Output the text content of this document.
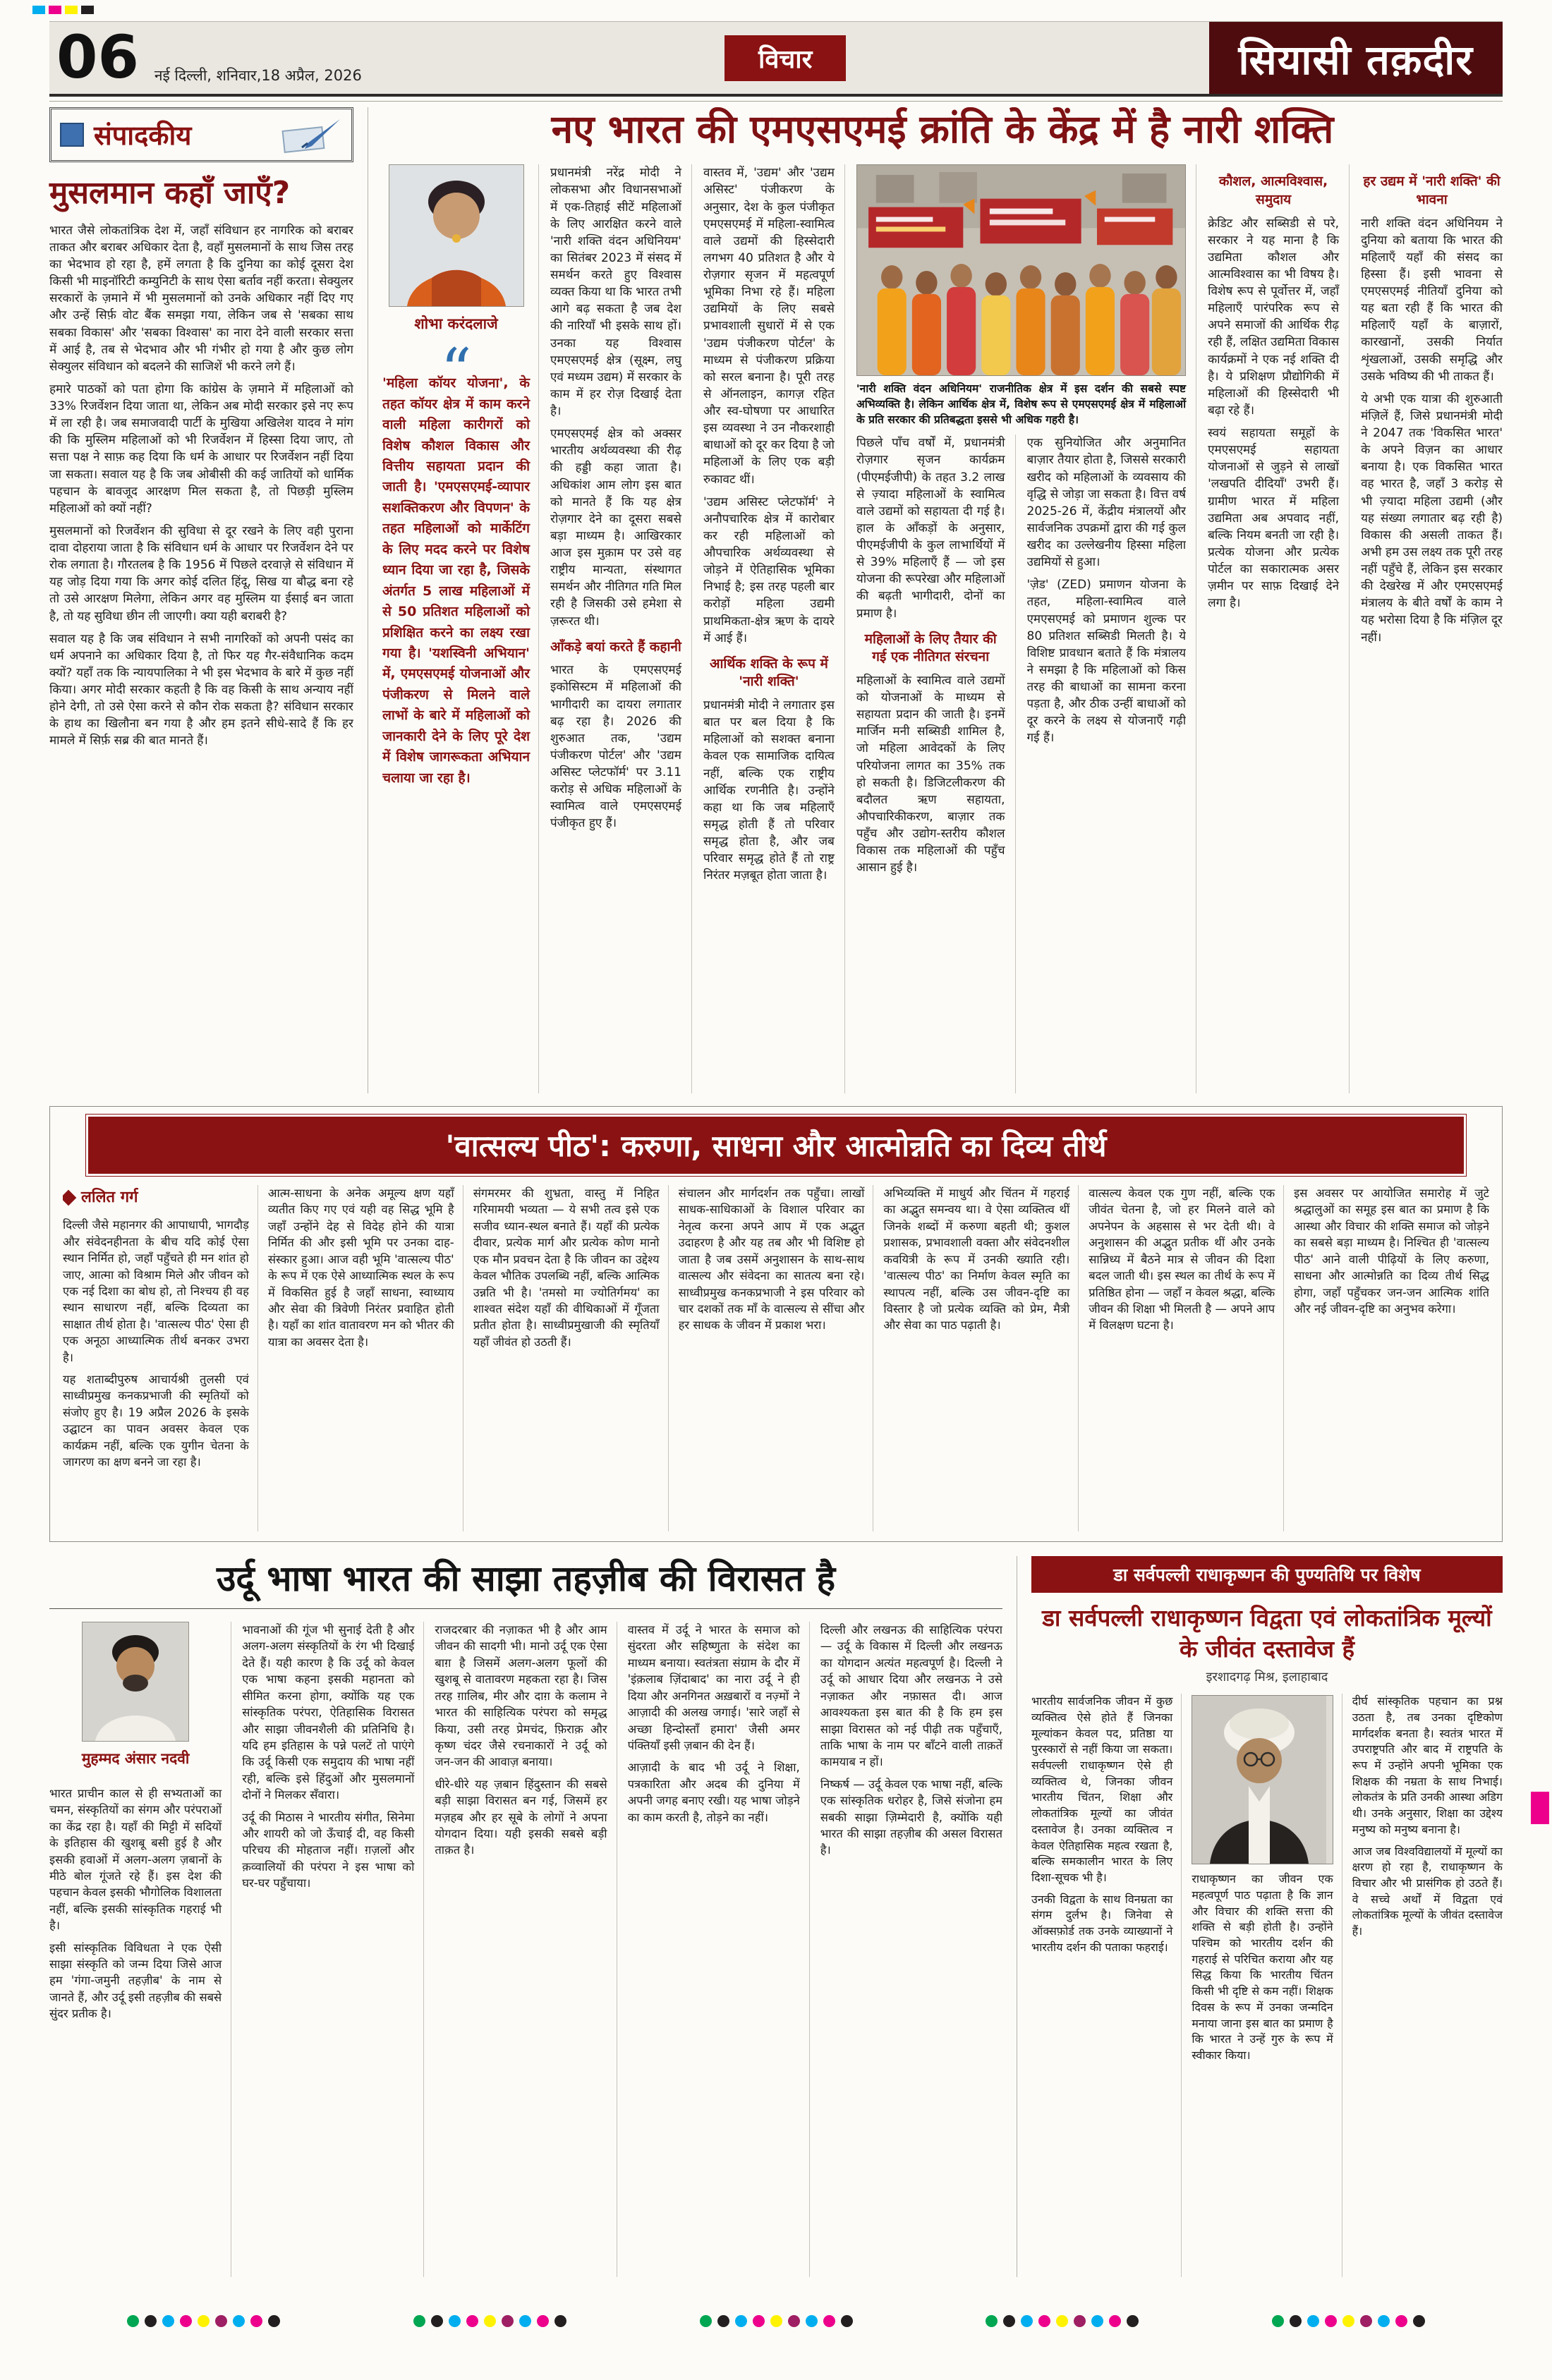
06	नई दिल्ली, शनिवार,18 अप्रैल, 2026
विचार	सियासी तक़दीर
संपादकीय
मुसलमान कहाँ जाएँ?

भारत जैसे लोकतांत्रिक देश में, जहाँ संविधान हर नागरिक को बराबर ताकत और बराबर अधिकार देता है, वहाँ मुसलमानों के साथ जिस तरह का भेदभाव हो रहा है, हमें लगता है कि दुनिया का कोई दूसरा देश किसी भी माइनॉरिटी कम्युनिटी के साथ ऐसा बर्ताव नहीं करता। सेक्युलर सरकारों के ज़माने में भी मुसलमानों को उनके अधिकार नहीं दिए गए और उन्हें सिर्फ़ वोट बैंक समझा गया, लेकिन जब से 'सबका साथ सबका विकास' और 'सबका विश्वास' का नारा देने वाली सरकार सत्ता में आई है, तब से भेदभाव और भी गंभीर हो गया है और कुछ लोग सेक्युलर संविधान को बदलने की साजिशें भी करने लगे हैं।

हमारे पाठकों को पता होगा कि कांग्रेस के ज़माने में महिलाओं को 33% रिजर्वेशन दिया जाता था, लेकिन अब मोदी सरकार इसे नए रूप में ला रही है। जब समाजवादी पार्टी के मुखिया अखिलेश यादव ने मांग की कि मुस्लिम महिलाओं को भी रिजर्वेशन में हिस्सा दिया जाए, तो सत्ता पक्ष ने साफ़ कह दिया कि धर्म के आधार पर रिजर्वेशन नहीं दिया जा सकता। सवाल यह है कि जब ओबीसी की कई जातियों को धार्मिक पहचान के बावजूद आरक्षण मिल सकता है, तो पिछड़ी मुस्लिम महिलाओं को क्यों नहीं?

मुसलमानों को रिजर्वेशन की सुविधा से दूर रखने के लिए वही पुराना दावा दोहराया जाता है कि संविधान धर्म के आधार पर रिजर्वेशन देने पर रोक लगाता है। गौरतलब है कि 1956 में पिछले दरवाज़े से संविधान में यह जोड़ दिया गया कि अगर कोई दलित हिंदू, सिख या बौद्ध बना रहे तो उसे आरक्षण मिलेगा, लेकिन अगर वह मुस्लिम या ईसाई बन जाता है, तो यह सुविधा छीन ली जाएगी। क्या यही बराबरी है?

सवाल यह है कि जब संविधान ने सभी नागरिकों को अपनी पसंद का धर्म अपनाने का अधिकार दिया है, तो फिर यह गैर-संवैधानिक कदम क्यों? यहाँ तक कि न्यायपालिका ने भी इस भेदभाव के बारे में कुछ नहीं किया। अगर मोदी सरकार कहती है कि वह किसी के साथ अन्याय नहीं होने देगी, तो उसे ऐसा करने से कौन रोक सकता है? संविधान सरकार के हाथ का खिलौना बन गया है और हम इतने सीधे-सादे हैं कि हर मामले में सिर्फ़ सब्र की बात मानते हैं।

नए भारत की एमएसएमई क्रांति के केंद्र में है नारी शक्ति
शोभा करंदलाजे
“
'महिला कॉयर योजना', के तहत कॉयर क्षेत्र में काम करने वाली महिला कारीगरों को विशेष कौशल विकास और वित्तीय सहायता प्रदान की जाती है। 'एमएसएमई-व्यापार सशक्तिकरण और विपणन' के तहत महिलाओं को मार्केटिंग के लिए मदद करने पर विशेष ध्यान दिया जा रहा है, जिसके अंतर्गत 5 लाख महिलाओं में से 50 प्रतिशत महिलाओं को प्रशिक्षित करने का लक्ष्य रखा गया है। 'यशस्विनी अभियान' में, एमएसएमई योजनाओं और पंजीकरण से मिलने वाले लाभों के बारे में महिलाओं को जानकारी देने के लिए पूरे देश में विशेष जागरूकता अभियान चलाया जा रहा है।

प्रधानमंत्री नरेंद्र मोदी ने लोकसभा और विधानसभाओं में एक-तिहाई सीटें महिलाओं के लिए आरक्षित करने वाले 'नारी शक्ति वंदन अधिनियम' का सितंबर 2023 में संसद में समर्थन करते हुए विश्वास व्यक्त किया था कि भारत तभी आगे बढ़ सकता है जब देश की नारियाँ भी इसके साथ हों। उनका यह विश्वास एमएसएमई क्षेत्र (सूक्ष्म, लघु एवं मध्यम उद्यम) में सरकार के काम में हर रोज़ दिखाई देता है।

एमएसएमई क्षेत्र को अक्सर भारतीय अर्थव्यवस्था की रीढ़ की हड्डी कहा जाता है। अधिकांश आम लोग इस बात को मानते हैं कि यह क्षेत्र रोज़गार देने का दूसरा सबसे बड़ा माध्यम है। आखिरकार आज इस मुक़ाम पर उसे वह राष्ट्रीय मान्यता, संस्थागत समर्थन और नीतिगत गति मिल रही है जिसकी उसे हमेशा से ज़रूरत थी।

आँकड़े बयां करते हैं कहानी

भारत के एमएसएमई इकोसिस्टम में महिलाओं की भागीदारी का दायरा लगातार बढ़ रहा है। 2026 की शुरुआत तक, 'उद्यम पंजीकरण पोर्टल' और 'उद्यम असिस्ट प्लेटफॉर्म' पर 3.11 करोड़ से अधिक महिलाओं के स्वामित्व वाले एमएसएमई पंजीकृत हुए हैं।

वास्तव में, 'उद्यम' और 'उद्यम असिस्ट' पंजीकरण के अनुसार, देश के कुल पंजीकृत एमएसएमई में महिला-स्वामित्व वाले उद्यमों की हिस्सेदारी लगभग 40 प्रतिशत है और ये रोज़गार सृजन में महत्वपूर्ण भूमिका निभा रहे हैं। महिला उद्यमियों के लिए सबसे प्रभावशाली सुधारों में से एक 'उद्यम पंजीकरण पोर्टल' के माध्यम से पंजीकरण प्रक्रिया को सरल बनाना है। पूरी तरह से ऑनलाइन, कागज़ रहित और स्व-घोषणा पर आधारित इस व्यवस्था ने उन नौकरशाही बाधाओं को दूर कर दिया है जो महिलाओं के लिए एक बड़ी रुकावट थीं।

'उद्यम असिस्ट प्लेटफॉर्म' ने अनौपचारिक क्षेत्र में कारोबार कर रही महिलाओं को औपचारिक अर्थव्यवस्था से जोड़ने में ऐतिहासिक भूमिका निभाई है; इस तरह पहली बार करोड़ों महिला उद्यमी प्राथमिकता-क्षेत्र ऋण के दायरे में आई हैं।

आर्थिक शक्ति के रूप में 'नारी शक्ति'

प्रधानमंत्री मोदी ने लगातार इस बात पर बल दिया है कि महिलाओं को सशक्त बनाना केवल एक सामाजिक दायित्व नहीं, बल्कि एक राष्ट्रीय आर्थिक रणनीति है। उन्होंने कहा था कि जब महिलाएँ समृद्ध होती हैं तो परिवार समृद्ध होता है, और जब परिवार समृद्ध होते हैं तो राष्ट्र निरंतर मज़बूत होता जाता है।

'नारी शक्ति वंदन अधिनियम' राजनीतिक क्षेत्र में इस दर्शन की सबसे स्पष्ट अभिव्यक्ति है। लेकिन आर्थिक क्षेत्र में, विशेष रूप से एमएसएमई क्षेत्र में महिलाओं के प्रति सरकार की प्रतिबद्धता इससे भी अधिक गहरी है।

पिछले पाँच वर्षों में, प्रधानमंत्री रोज़गार सृजन कार्यक्रम (पीएमईजीपी) के तहत 3.2 लाख से ज़्यादा महिलाओं के स्वामित्व वाले उद्यमों को सहायता दी गई है। हाल के आँकड़ों के अनुसार, पीएमईजीपी के कुल लाभार्थियों में से 39% महिलाएँ हैं — जो इस योजना की रूपरेखा और महिलाओं की बढ़ती भागीदारी, दोनों का प्रमाण है।

महिलाओं के लिए तैयार की गई एक नीतिगत संरचना

महिलाओं के स्वामित्व वाले उद्यमों को योजनाओं के माध्यम से सहायता प्रदान की जाती है। इनमें मार्जिन मनी सब्सिडी शामिल है, जो महिला आवेदकों के लिए परियोजना लागत का 35% तक हो सकती है। डिजिटलीकरण की बदौलत ऋण सहायता, औपचारिकीकरण, बाज़ार तक पहुँच और उद्योग-स्तरीय कौशल विकास तक महिलाओं की पहुँच आसान हुई है।

एक सुनियोजित और अनुमानित बाज़ार तैयार होता है, जिससे सरकारी खरीद को महिलाओं के व्यवसाय की वृद्धि से जोड़ा जा सकता है। वित्त वर्ष 2025-26 में, केंद्रीय मंत्रालयों और सार्वजनिक उपक्रमों द्वारा की गई कुल खरीद का उल्लेखनीय हिस्सा महिला उद्यमियों से हुआ।

'ज़ेड' (ZED) प्रमाणन योजना के तहत, महिला-स्वामित्व वाले एमएसएमई को प्रमाणन शुल्क पर 80 प्रतिशत सब्सिडी मिलती है। ये विशिष्ट प्रावधान बताते हैं कि मंत्रालय ने समझा है कि महिलाओं को किस तरह की बाधाओं का सामना करना पड़ता है, और ठीक उन्हीं बाधाओं को दूर करने के लक्ष्य से योजनाएँ गढ़ी गई हैं।

कौशल, आत्मविश्वास, समुदाय

क्रेडिट और सब्सिडी से परे, सरकार ने यह माना है कि उद्यमिता कौशल और आत्मविश्वास का भी विषय है। विशेष रूप से पूर्वोत्तर में, जहाँ महिलाएँ पारंपरिक रूप से अपने समाजों की आर्थिक रीढ़ रही हैं, लक्षित उद्यमिता विकास कार्यक्रमों ने एक नई शक्ति दी है। ये प्रशिक्षण प्रौद्योगिकी में महिलाओं की हिस्सेदारी भी बढ़ा रहे हैं।

स्वयं सहायता समूहों के एमएसएमई सहायता योजनाओं से जुड़ने से लाखों 'लखपति दीदियाँ' उभरी हैं। ग्रामीण भारत में महिला उद्यमिता अब अपवाद नहीं, बल्कि नियम बनती जा रही है। प्रत्येक योजना और प्रत्येक पोर्टल का सकारात्मक असर ज़मीन पर साफ़ दिखाई देने लगा है।

हर उद्यम में 'नारी शक्ति' की भावना

नारी शक्ति वंदन अधिनियम ने दुनिया को बताया कि भारत की महिलाएँ यहाँ की संसद का हिस्सा हैं। इसी भावना से एमएसएमई नीतियाँ दुनिया को यह बता रही हैं कि भारत की महिलाएँ यहाँ के बाज़ारों, कारखानों, उसकी निर्यात शृंखलाओं, उसकी समृद्धि और उसके भविष्य की भी ताकत हैं।

ये अभी एक यात्रा की शुरुआती मंज़िलें हैं, जिसे प्रधानमंत्री मोदी ने 2047 तक 'विकसित भारत' के अपने विज़न का आधार बनाया है। एक विकसित भारत वह भारत है, जहाँ 3 करोड़ से भी ज़्यादा महिला उद्यमी (और यह संख्या लगातार बढ़ रही है) विकास की असली ताकत हैं। अभी हम उस लक्ष्य तक पूरी तरह नहीं पहुँचे हैं, लेकिन इस सरकार की देखरेख में और एमएसएमई मंत्रालय के बीते वर्षों के काम ने यह भरोसा दिया है कि मंज़िल दूर नहीं।

'वात्सल्य पीठ': करुणा, साधना और आत्मोन्नति का दिव्य तीर्थ
ललित गर्ग

दिल्ली जैसे महानगर की आपाधापी, भागदौड़ और संवेदनहीनता के बीच यदि कोई ऐसा स्थान निर्मित हो, जहाँ पहुँचते ही मन शांत हो जाए, आत्मा को विश्राम मिले और जीवन को एक नई दिशा का बोध हो, तो निश्चय ही वह स्थान साधारण नहीं, बल्कि दिव्यता का साक्षात तीर्थ होता है। 'वात्सल्य पीठ' ऐसा ही एक अनूठा आध्यात्मिक तीर्थ बनकर उभरा है।

यह शताब्दीपुरुष आचार्यश्री तुलसी एवं साध्वीप्रमुख कनकप्रभाजी की स्मृतियों को संजोए हुए है। 19 अप्रैल 2026 के इसके उद्घाटन का पावन अवसर केवल एक कार्यक्रम नहीं, बल्कि एक युगीन चेतना के जागरण का क्षण बनने जा रहा है।

आत्म-साधना के अनेक अमूल्य क्षण यहाँ व्यतीत किए गए एवं यही वह सिद्ध भूमि है जहाँ उन्होंने देह से विदेह होने की यात्रा निर्मित की और इसी भूमि पर उनका दाह-संस्कार हुआ। आज वही भूमि 'वात्सल्य पीठ' के रूप में एक ऐसे आध्यात्मिक स्थल के रूप में विकसित हुई है जहाँ साधना, स्वाध्याय और सेवा की त्रिवेणी निरंतर प्रवाहित होती है। यहाँ का शांत वातावरण मन को भीतर की यात्रा का अवसर देता है।

संगमरमर की शुभ्रता, वास्तु में निहित गरिमामयी भव्यता — ये सभी तत्व इसे एक सजीव ध्यान-स्थल बनाते हैं। यहाँ की प्रत्येक दीवार, प्रत्येक मार्ग और प्रत्येक कोण मानो एक मौन प्रवचन देता है कि जीवन का उद्देश्य केवल भौतिक उपलब्धि नहीं, बल्कि आत्मिक उन्नति भी है। 'तमसो मा ज्योतिर्गमय' का शाश्वत संदेश यहाँ की वीथिकाओं में गूँजता प्रतीत होता है। साध्वीप्रमुखाजी की स्मृतियाँ यहाँ जीवंत हो उठती हैं।

संचालन और मार्गदर्शन तक पहुँचा। लाखों साधक-साधिकाओं के विशाल परिवार का नेतृत्व करना अपने आप में एक अद्भुत उदाहरण है और यह तब और भी विशिष्ट हो जाता है जब उसमें अनुशासन के साथ-साथ वात्सल्य और संवेदना का सातत्य बना रहे। साध्वीप्रमुख कनकप्रभाजी ने इस परिवार को चार दशकों तक माँ के वात्सल्य से सींचा और हर साधक के जीवन में प्रकाश भरा।

अभिव्यक्ति में माधुर्य और चिंतन में गहराई का अद्भुत समन्वय था। वे ऐसा व्यक्तित्व थीं जिनके शब्दों में करुणा बहती थी; कुशल प्रशासक, प्रभावशाली वक्ता और संवेदनशील कवयित्री के रूप में उनकी ख्याति रही। 'वात्सल्य पीठ' का निर्माण केवल स्मृति का स्थापत्य नहीं, बल्कि उस जीवन-दृष्टि का विस्तार है जो प्रत्येक व्यक्ति को प्रेम, मैत्री और सेवा का पाठ पढ़ाती है।

वात्सल्य केवल एक गुण नहीं, बल्कि एक जीवंत चेतना है, जो हर मिलने वाले को अपनेपन के अहसास से भर देती थी। वे अनुशासन की अद्भुत प्रतीक थीं और उनके सान्निध्य में बैठने मात्र से जीवन की दिशा बदल जाती थी। इस स्थल का तीर्थ के रूप में प्रतिष्ठित होना — जहाँ न केवल श्रद्धा, बल्कि जीवन की शिक्षा भी मिलती है — अपने आप में विलक्षण घटना है।

इस अवसर पर आयोजित समारोह में जुटे श्रद्धालुओं का समूह इस बात का प्रमाण है कि आस्था और विचार की शक्ति समाज को जोड़ने का सबसे बड़ा माध्यम है। निश्चित ही 'वात्सल्य पीठ' आने वाली पीढ़ियों के लिए करुणा, साधना और आत्मोन्नति का दिव्य तीर्थ सिद्ध होगा, जहाँ पहुँचकर जन-जन आत्मिक शांति और नई जीवन-दृष्टि का अनुभव करेगा।

उर्दू भाषा भारत की साझा तहज़ीब की विरासत है
मुहम्मद अंसार नदवी

भारत प्राचीन काल से ही सभ्यताओं का चमन, संस्कृतियों का संगम और परंपराओं का केंद्र रहा है। यहाँ की मिट्टी में सदियों के इतिहास की खुशबू बसी हुई है और इसकी हवाओं में अलग-अलग ज़बानों के मीठे बोल गूंजते रहे हैं। इस देश की पहचान केवल इसकी भौगोलिक विशालता नहीं, बल्कि इसकी सांस्कृतिक गहराई भी है।

इसी सांस्कृतिक विविधता ने एक ऐसी साझा संस्कृति को जन्म दिया जिसे आज हम 'गंगा-जमुनी तहज़ीब' के नाम से जानते हैं, और उर्दू इसी तहज़ीब की सबसे सुंदर प्रतीक है।

भावनाओं की गूंज भी सुनाई देती है और अलग-अलग संस्कृतियों के रंग भी दिखाई देते हैं। यही कारण है कि उर्दू को केवल एक भाषा कहना इसकी महानता को सीमित करना होगा, क्योंकि यह एक सांस्कृतिक परंपरा, ऐतिहासिक विरासत और साझा जीवनशैली की प्रतिनिधि है। यदि हम इतिहास के पन्ने पलटें तो पाएंगे कि उर्दू किसी एक समुदाय की भाषा नहीं रही, बल्कि इसे हिंदुओं और मुसलमानों दोनों ने मिलकर सँवारा।

उर्दू की मिठास ने भारतीय संगीत, सिनेमा और शायरी को जो ऊँचाई दी, वह किसी परिचय की मोहताज नहीं। ग़ज़लों और क़व्वालियों की परंपरा ने इस भाषा को घर-घर पहुँचाया।

राजदरबार की नज़ाकत भी है और आम जीवन की सादगी भी। मानो उर्दू एक ऐसा बाग़ है जिसमें अलग-अलग फूलों की खुशबू से वातावरण महकता रहा है। जिस तरह ग़ालिब, मीर और दाग़ के कलाम ने भारत की साहित्यिक परंपरा को समृद्ध किया, उसी तरह प्रेमचंद, फ़िराक़ और कृष्ण चंदर जैसे रचनाकारों ने उर्दू को जन-जन की आवाज़ बनाया।

धीरे-धीरे यह ज़बान हिंदुस्तान की सबसे बड़ी साझा विरासत बन गई, जिसमें हर मज़हब और हर सूबे के लोगों ने अपना योगदान दिया। यही इसकी सबसे बड़ी ताक़त है।

वास्तव में उर्दू ने भारत के समाज को सुंदरता और सहिष्णुता के संदेश का माध्यम बनाया। स्वतंत्रता संग्राम के दौर में 'इंक़लाब ज़िंदाबाद' का नारा उर्दू ने ही दिया और अनगिनत अख़बारों व नज़्मों ने आज़ादी की अलख जगाई। 'सारे जहाँ से अच्छा हिन्दोस्ताँ हमारा' जैसी अमर पंक्तियाँ इसी ज़बान की देन हैं।

आज़ादी के बाद भी उर्दू ने शिक्षा, पत्रकारिता और अदब की दुनिया में अपनी जगह बनाए रखी। यह भाषा जोड़ने का काम करती है, तोड़ने का नहीं।

दिल्ली और लखनऊ की साहित्यिक परंपरा — उर्दू के विकास में दिल्ली और लखनऊ का योगदान अत्यंत महत्वपूर्ण है। दिल्ली ने उर्दू को आधार दिया और लखनऊ ने उसे नज़ाकत और नफ़ासत दी। आज आवश्यकता इस बात की है कि हम इस साझा विरासत को नई पीढ़ी तक पहुँचाएँ, ताकि भाषा के नाम पर बाँटने वाली ताक़तें कामयाब न हों।

निष्कर्ष — उर्दू केवल एक भाषा नहीं, बल्कि एक सांस्कृतिक धरोहर है, जिसे संजोना हम सबकी साझा ज़िम्मेदारी है, क्योंकि यही भारत की साझा तहज़ीब की असल विरासत है।

डा सर्वपल्ली राधाकृष्णन की पुण्यतिथि पर विशेष
डा सर्वपल्ली राधाकृष्णन विद्वता एवं लोकतांत्रिक मूल्यों के जीवंत दस्तावेज हैं
इरशादगढ़ मिश्र, इलाहाबाद

भारतीय सार्वजनिक जीवन में कुछ व्यक्तित्व ऐसे होते हैं जिनका मूल्यांकन केवल पद, प्रतिष्ठा या पुरस्कारों से नहीं किया जा सकता। सर्वपल्ली राधाकृष्णन ऐसे ही व्यक्तित्व थे, जिनका जीवन भारतीय चिंतन, शिक्षा और लोकतांत्रिक मूल्यों का जीवंत दस्तावेज है। उनका व्यक्तित्व न केवल ऐतिहासिक महत्व रखता है, बल्कि समकालीन भारत के लिए दिशा-सूचक भी है।

उनकी विद्वता के साथ विनम्रता का संगम दुर्लभ है। जिनेवा से ऑक्सफ़ोर्ड तक उनके व्याख्यानों ने भारतीय दर्शन की पताका फहराई।

राधाकृष्णन का जीवन एक महत्वपूर्ण पाठ पढ़ाता है कि ज्ञान और विचार की शक्ति सत्ता की शक्ति से बड़ी होती है। उन्होंने पश्चिम को भारतीय दर्शन की गहराई से परिचित कराया और यह सिद्ध किया कि भारतीय चिंतन किसी भी दृष्टि से कम नहीं। शिक्षक दिवस के रूप में उनका जन्मदिन मनाया जाना इस बात का प्रमाण है कि भारत ने उन्हें गुरु के रूप में स्वीकार किया।

दीर्घ सांस्कृतिक पहचान का प्रश्न उठता है, तब उनका दृष्टिकोण मार्गदर्शक बनता है। स्वतंत्र भारत में उपराष्ट्रपति और बाद में राष्ट्रपति के रूप में उन्होंने अपनी भूमिका एक शिक्षक की नम्रता के साथ निभाई। लोकतंत्र के प्रति उनकी आस्था अडिग थी। उनके अनुसार, शिक्षा का उद्देश्य मनुष्य को मनुष्य बनाना है।

आज जब विश्वविद्यालयों में मूल्यों का क्षरण हो रहा है, राधाकृष्णन के विचार और भी प्रासंगिक हो उठते हैं। वे सच्चे अर्थों में विद्वता एवं लोकतांत्रिक मूल्यों के जीवंत दस्तावेज हैं।
